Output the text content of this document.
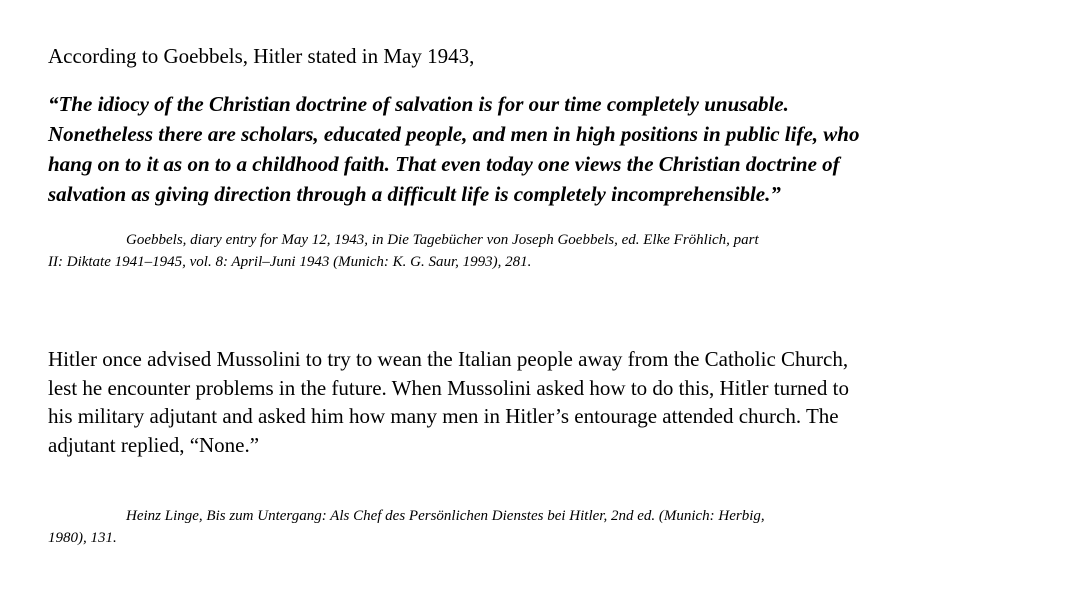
According to Goebbels, Hitler stated in May 1943,
“The idiocy of the Christian doctrine of salvation is for our time completely unusable.
Nonetheless there are scholars, educated people, and men in high positions in public life, who
hang on to it as on to a childhood faith. That even today one views the Christian doctrine of
salvation as giving direction through a difficult life is completely incomprehensible.”
Goebbels, diary entry for May 12, 1943, in Die Tagebücher von Joseph Goebbels, ed. Elke Fröhlich, part
II: Diktate 1941–1945, vol. 8: April–Juni 1943 (Munich: K. G. Saur, 1993), 281.
Hitler once advised Mussolini to try to wean the Italian people away from the Catholic Church,
lest he encounter problems in the future. When Mussolini asked how to do this, Hitler turned to
his military adjutant and asked him how many men in Hitler’s entourage attended church. The
adjutant replied, “None.”
Heinz Linge, Bis zum Untergang: Als Chef des Persönlichen Dienstes bei Hitler, 2nd ed. (Munich: Herbig,
1980), 131.
